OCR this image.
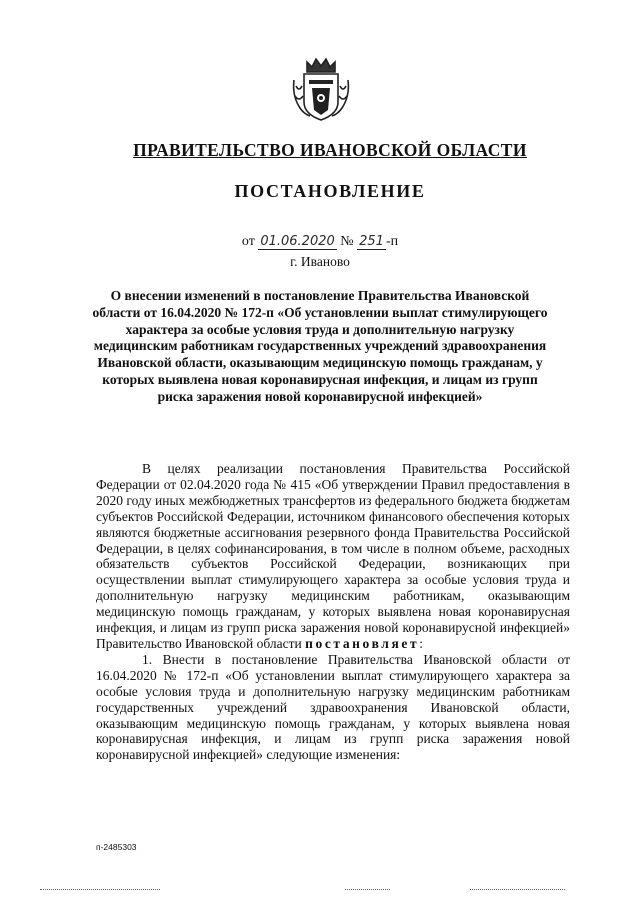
ПРАВИТЕЛЬСТВО ИВАНОВСКОЙ ОБЛАСТИ
ПОСТАНОВЛЕНИЕ
от 01.06.2020 № 251 -п
г. Иваново

О внесении изменений в постановление Правительства Ивановской области от 16.04.2020 № 172-п «Об установлении выплат стимулирующего характера за особые условия труда и дополнительную нагрузку медицинским работникам государственных учреждений здравоохранения Ивановской области, оказывающим медицинскую помощь гражданам, у которых выявлена новая коронавирусная инфекция, и лицам из групп риска заражения новой коронавирусной инфекцией»

В целях реализации постановления Правительства Российской Федерации от 02.04.2020 года № 415 «Об утверждении Правил предоставления в 2020 году иных межбюджетных трансфертов из федерального бюджета бюджетам субъектов Российской Федерации, источником финансового обеспечения которых являются бюджетные ассигнования резервного фонда Правительства Российской Федерации, в целях софинансирования, в том числе в полном объеме, расходных обязательств субъектов Российской Федерации, возникающих при осуществлении выплат стимулирующего характера за особые условия труда и дополнительную нагрузку медицинским работникам, оказывающим медицинскую помощь гражданам, у которых выявлена новая коронавирусная инфекция, и лицам из групп риска заражения новой коронавирусной инфекцией» Правительство Ивановской области постановляет:

1. Внести в постановление Правительства Ивановской области от 16.04.2020 № 172-п «Об установлении выплат стимулирующего характера за особые условия труда и дополнительную нагрузку медицинским работникам государственных учреждений здравоохранения Ивановской области, оказывающим медицинскую помощь гражданам, у которых выявлена новая коронавирусная инфекция, и лицам из групп риска заражения новой коронавирусной инфекцией» следующие изменения:

п-2485303
